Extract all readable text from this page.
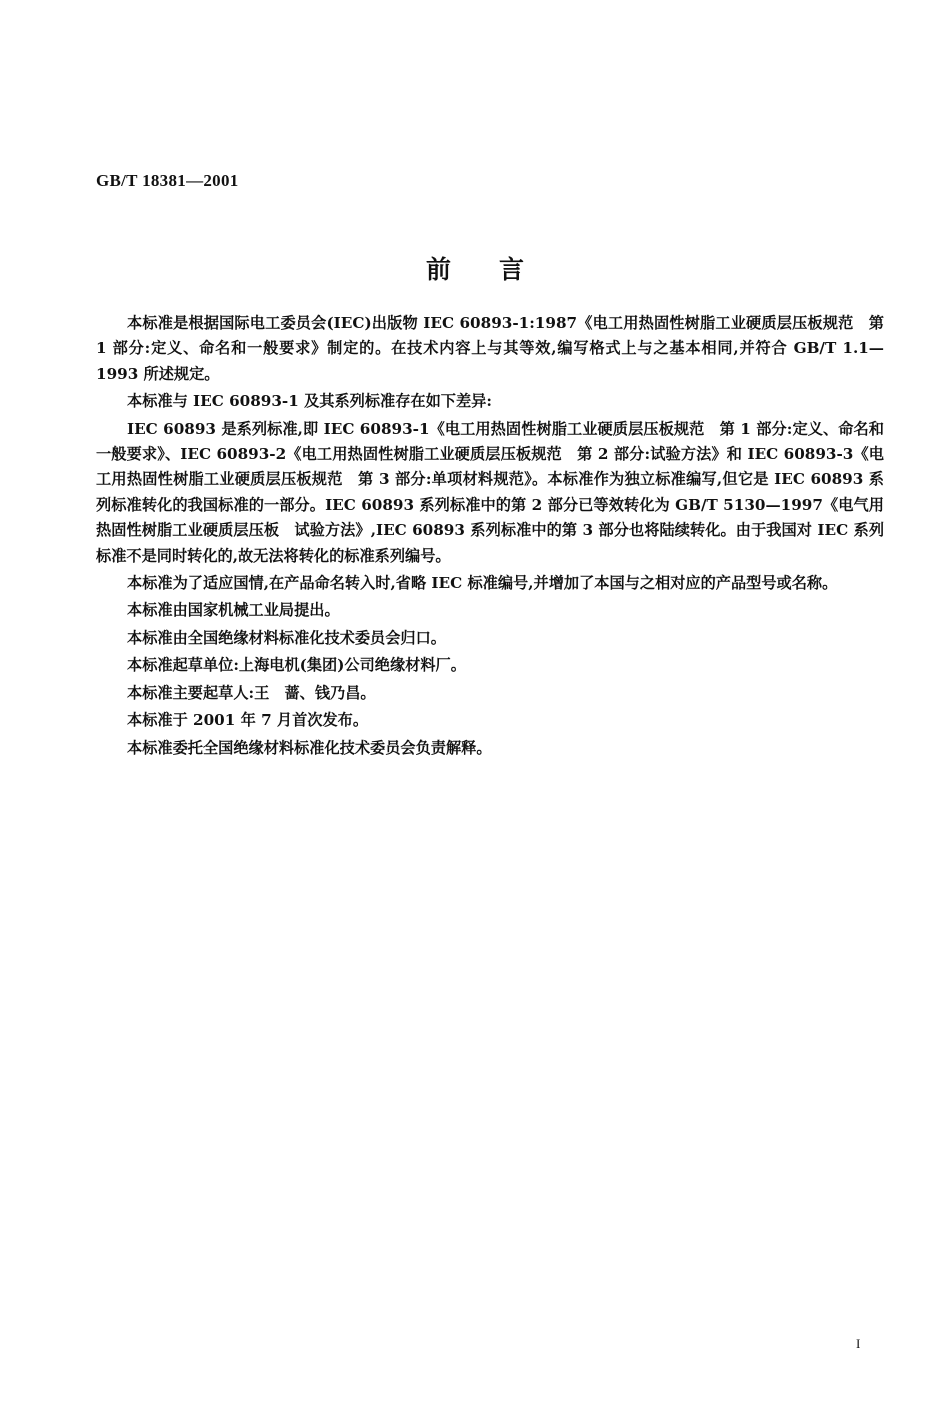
GB/T 18381—2001
前 言

本标准是根据国际电工委员会(IEC)出版物 IEC 60893-1:1987《电工用热固性树脂工业硬质层压板规范　第 1 部分:定义、命名和一般要求》制定的。在技术内容上与其等效,编写格式上与之基本相同,并符合 GB/T 1.1—1993 所述规定。

本标准与 IEC 60893-1 及其系列标准存在如下差异:

IEC 60893 是系列标准,即 IEC 60893-1《电工用热固性树脂工业硬质层压板规范　第 1 部分:定义、命名和一般要求》、IEC 60893-2《电工用热固性树脂工业硬质层压板规范　第 2 部分:试验方法》和 IEC 60893-3《电工用热固性树脂工业硬质层压板规范　第 3 部分:单项材料规范》。本标准作为独立标准编写,但它是 IEC 60893 系列标准转化的我国标准的一部分。IEC 60893 系列标准中的第 2 部分已等效转化为 GB/T 5130—1997《电气用热固性树脂工业硬质层压板　试验方法》,IEC 60893 系列标准中的第 3 部分也将陆续转化。由于我国对 IEC 系列标准不是同时转化的,故无法将转化的标准系列编号。

本标准为了适应国情,在产品命名转入时,省略 IEC 标准编号,并增加了本国与之相对应的产品型号或名称。

本标准由国家机械工业局提出。

本标准由全国绝缘材料标准化技术委员会归口。

本标准起草单位:上海电机(集团)公司绝缘材料厂。

本标准主要起草人:王　蔷、钱乃昌。

本标准于 2001 年 7 月首次发布。

本标准委托全国绝缘材料标准化技术委员会负责解释。

I
